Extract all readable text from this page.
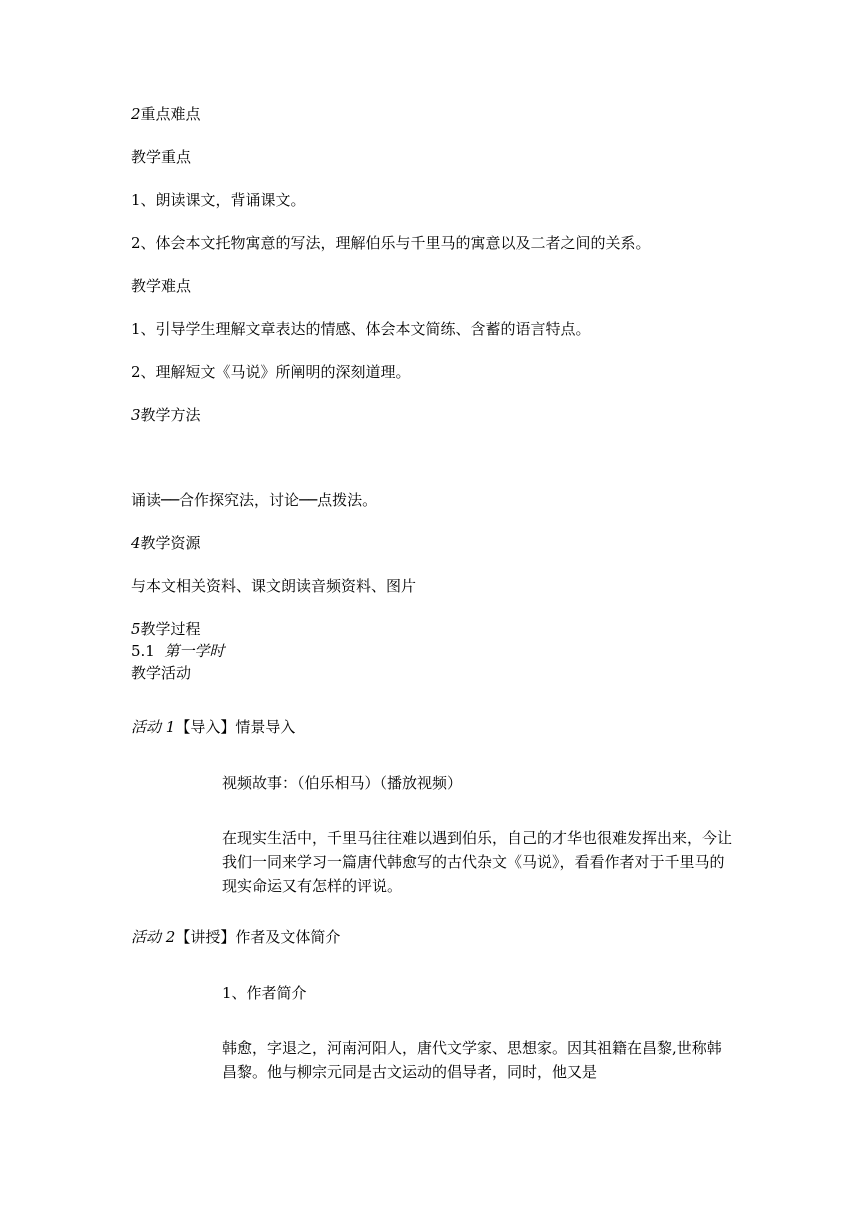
2重点难点

教学重点

1、朗读课文，背诵课文。

2、体会本文托物寓意的写法，理解伯乐与千里马的寓意以及二者之间的关系。

教学难点

1、引导学生理解文章表达的情感、体会本文简练、含蓄的语言特点。

2、理解短文《马说》所阐明的深刻道理。

3教学方法

诵读──合作探究法，讨论──点拨法。

4教学资源

与本文相关资料、课文朗读音频资料、图片

5教学过程

5.1 第一学时

教学活动

活动 1【导入】情景导入

视频故事：（伯乐相马）（播放视频）

在现实生活中，千里马往往难以遇到伯乐，自己的才华也很难发挥出来，今让我们一同来学习一篇唐代韩愈写的古代杂文《马说》，看看作者对于千里马的现实命运又有怎样的评说。

活动 2【讲授】作者及文体简介

1、作者简介

韩愈，字退之，河南河阳人，唐代文学家、思想家。因其祖籍在昌黎,世称韩昌黎。他与柳宗元同是古文运动的倡导者，同时，他又是
